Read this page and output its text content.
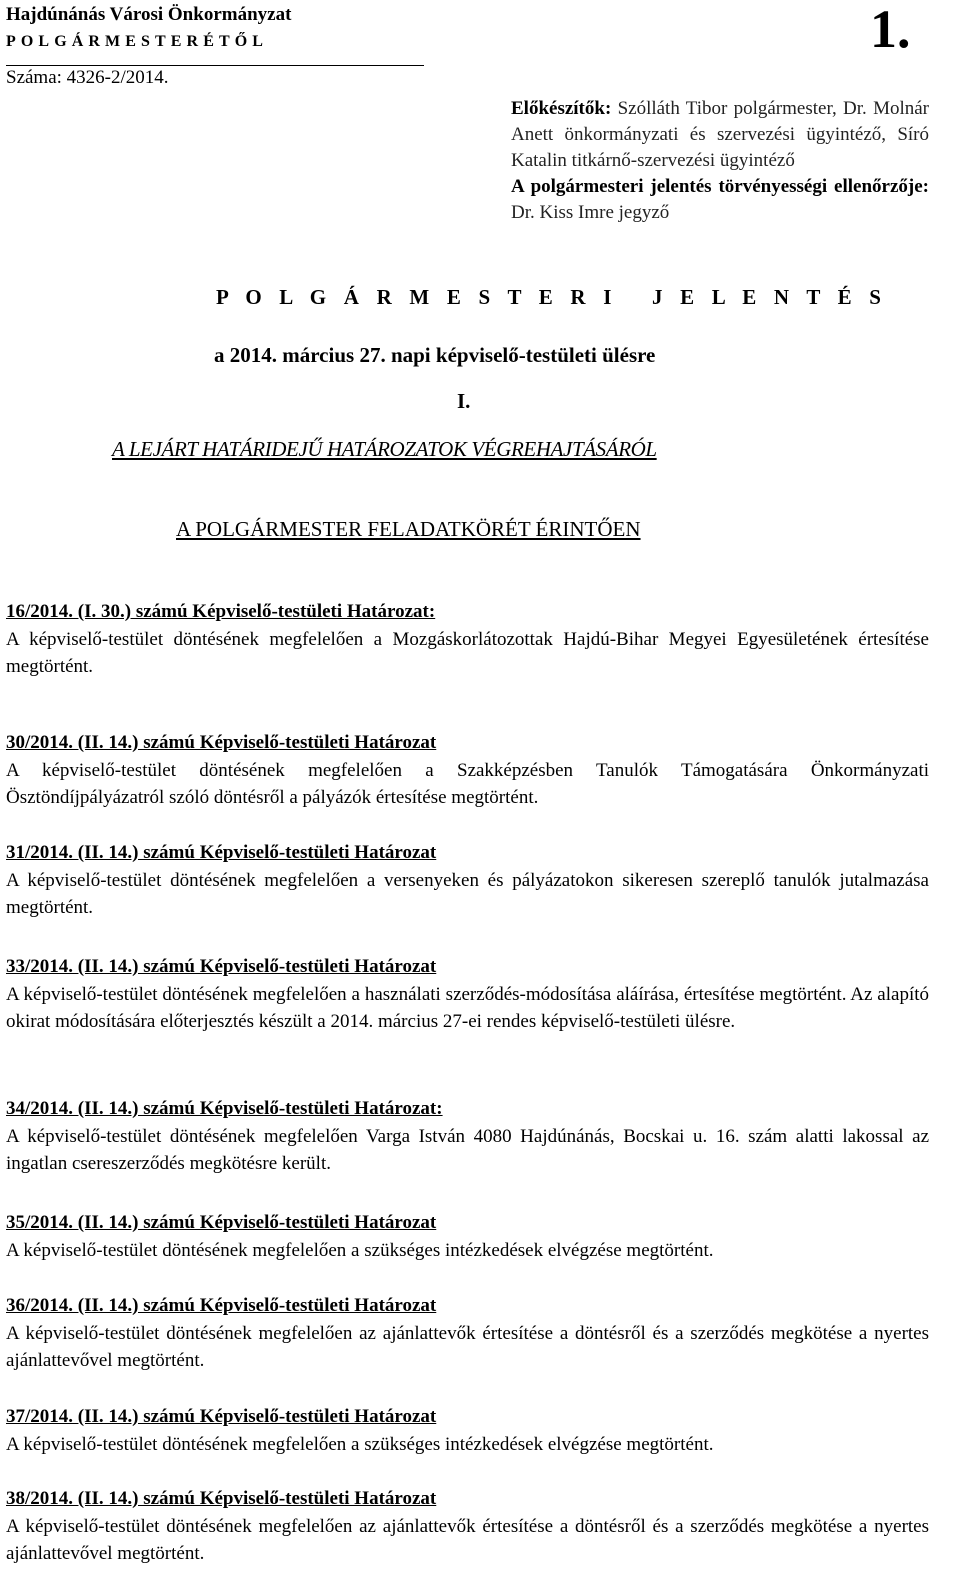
Hajdúnánás Városi Önkormányzat
POLGÁRMESTERÉTŐL
Száma: 4326-2/2014.
1.
Előkészítők: Szólláth Tibor polgármester, Dr. Molnár Anett önkormányzati és szervezési ügyintéző, Síró Katalin titkárnő-szervezési ügyintéző
A polgármesteri jelentés törvényességi ellenőrzője: Dr. Kiss Imre jegyző
P O L G Á R M E S T E R I   J E L E N T É S
a 2014. március 27. napi képviselő-testületi ülésre
I.
A LEJÁRT HATÁRIDEJŰ HATÁROZATOK VÉGREHAJTÁSÁRÓL
A POLGÁRMESTER FELADATKÖRÉT ÉRINTŐEN
16/2014. (I. 30.) számú Képviselő-testületi Határozat:
A képviselő-testület döntésének megfelelően a Mozgáskorlátozottak Hajdú-Bihar Megyei Egyesületének értesítése megtörtént.
30/2014. (II. 14.) számú Képviselő-testületi Határozat
A képviselő-testület döntésének megfelelően a Szakképzésben Tanulók Támogatására Önkormányzati Ösztöndíjpályázatról szóló döntésről a pályázók értesítése megtörtént.
31/2014. (II. 14.) számú Képviselő-testületi Határozat
A képviselő-testület döntésének megfelelően a versenyeken és pályázatokon sikeresen szereplő tanulók jutalmazása megtörtént.
33/2014. (II. 14.) számú Képviselő-testületi Határozat
A képviselő-testület döntésének megfelelően a használati szerződés-módosítása aláírása, értesítése megtörtént. Az alapító okirat módosítására előterjesztés készült a 2014. március 27-ei rendes képviselő-testületi ülésre.
34/2014. (II. 14.) számú Képviselő-testületi Határozat:
A képviselő-testület döntésének megfelelően Varga István 4080 Hajdúnánás, Bocskai u. 16. szám alatti lakossal az ingatlan csereszerződés megkötésre került.
35/2014. (II. 14.) számú Képviselő-testületi Határozat
A képviselő-testület döntésének megfelelően a szükséges intézkedések elvégzése megtörtént.
36/2014. (II. 14.) számú Képviselő-testületi Határozat
A képviselő-testület döntésének megfelelően az ajánlattevők értesítése a döntésről és a szerződés megkötése a nyertes ajánlattevővel megtörtént.
37/2014. (II. 14.) számú Képviselő-testületi Határozat
A képviselő-testület döntésének megfelelően a szükséges intézkedések elvégzése megtörtént.
38/2014. (II. 14.) számú Képviselő-testületi Határozat
A képviselő-testület döntésének megfelelően az ajánlattevők értesítése a döntésről és a szerződés megkötése a nyertes ajánlattevővel megtörtént.
